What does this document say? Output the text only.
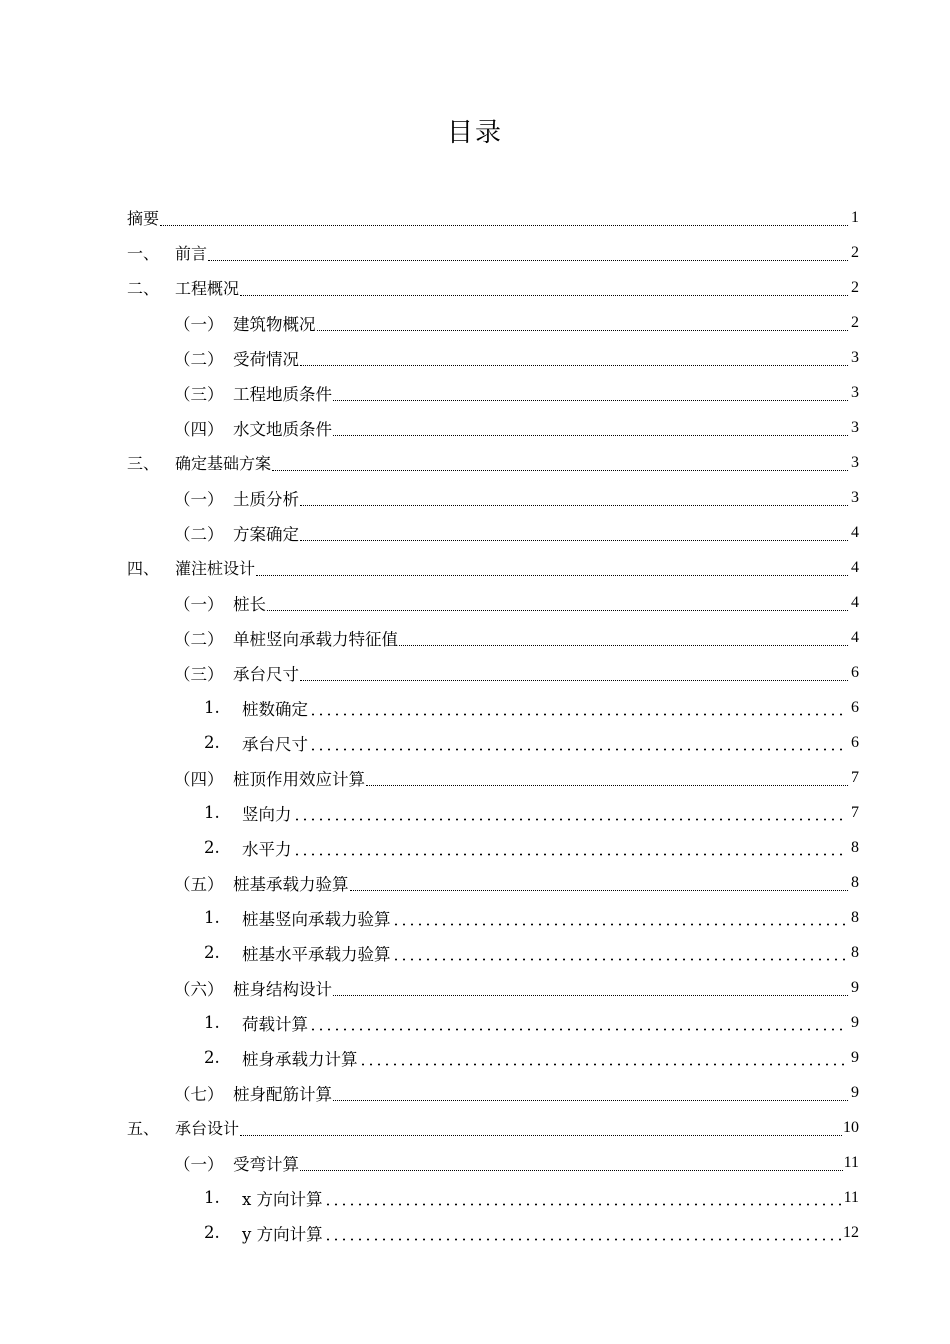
目录
摘要	1
一、 前言	2
二、 工程概况	2
（一） 建筑物概况	2
（二） 受荷情况	3
（三） 工程地质条件	3
（四） 水文地质条件	3
三、 确定基础方案	3
（一） 土质分析	3
（二） 方案确定	4
四、 灌注桩设计	4
（一） 桩长	4
（二） 单桩竖向承载力特征值	4
（三） 承台尺寸	6
1.	桩数确定	6
2.	承台尺寸	6
（四） 桩顶作用效应计算	7
1.	竖向力	7
2.	水平力	8
（五） 桩基承载力验算	8
1.	桩基竖向承载力验算	8
2.	桩基水平承载力验算	8
（六） 桩身结构设计	9
1.	荷载计算	9
2.	桩身承载力计算	9
（七） 桩身配筋计算	9
五、 承台设计	10
（一） 受弯计算	11
1.	x 方向计算	11
2.	y 方向计算	12
